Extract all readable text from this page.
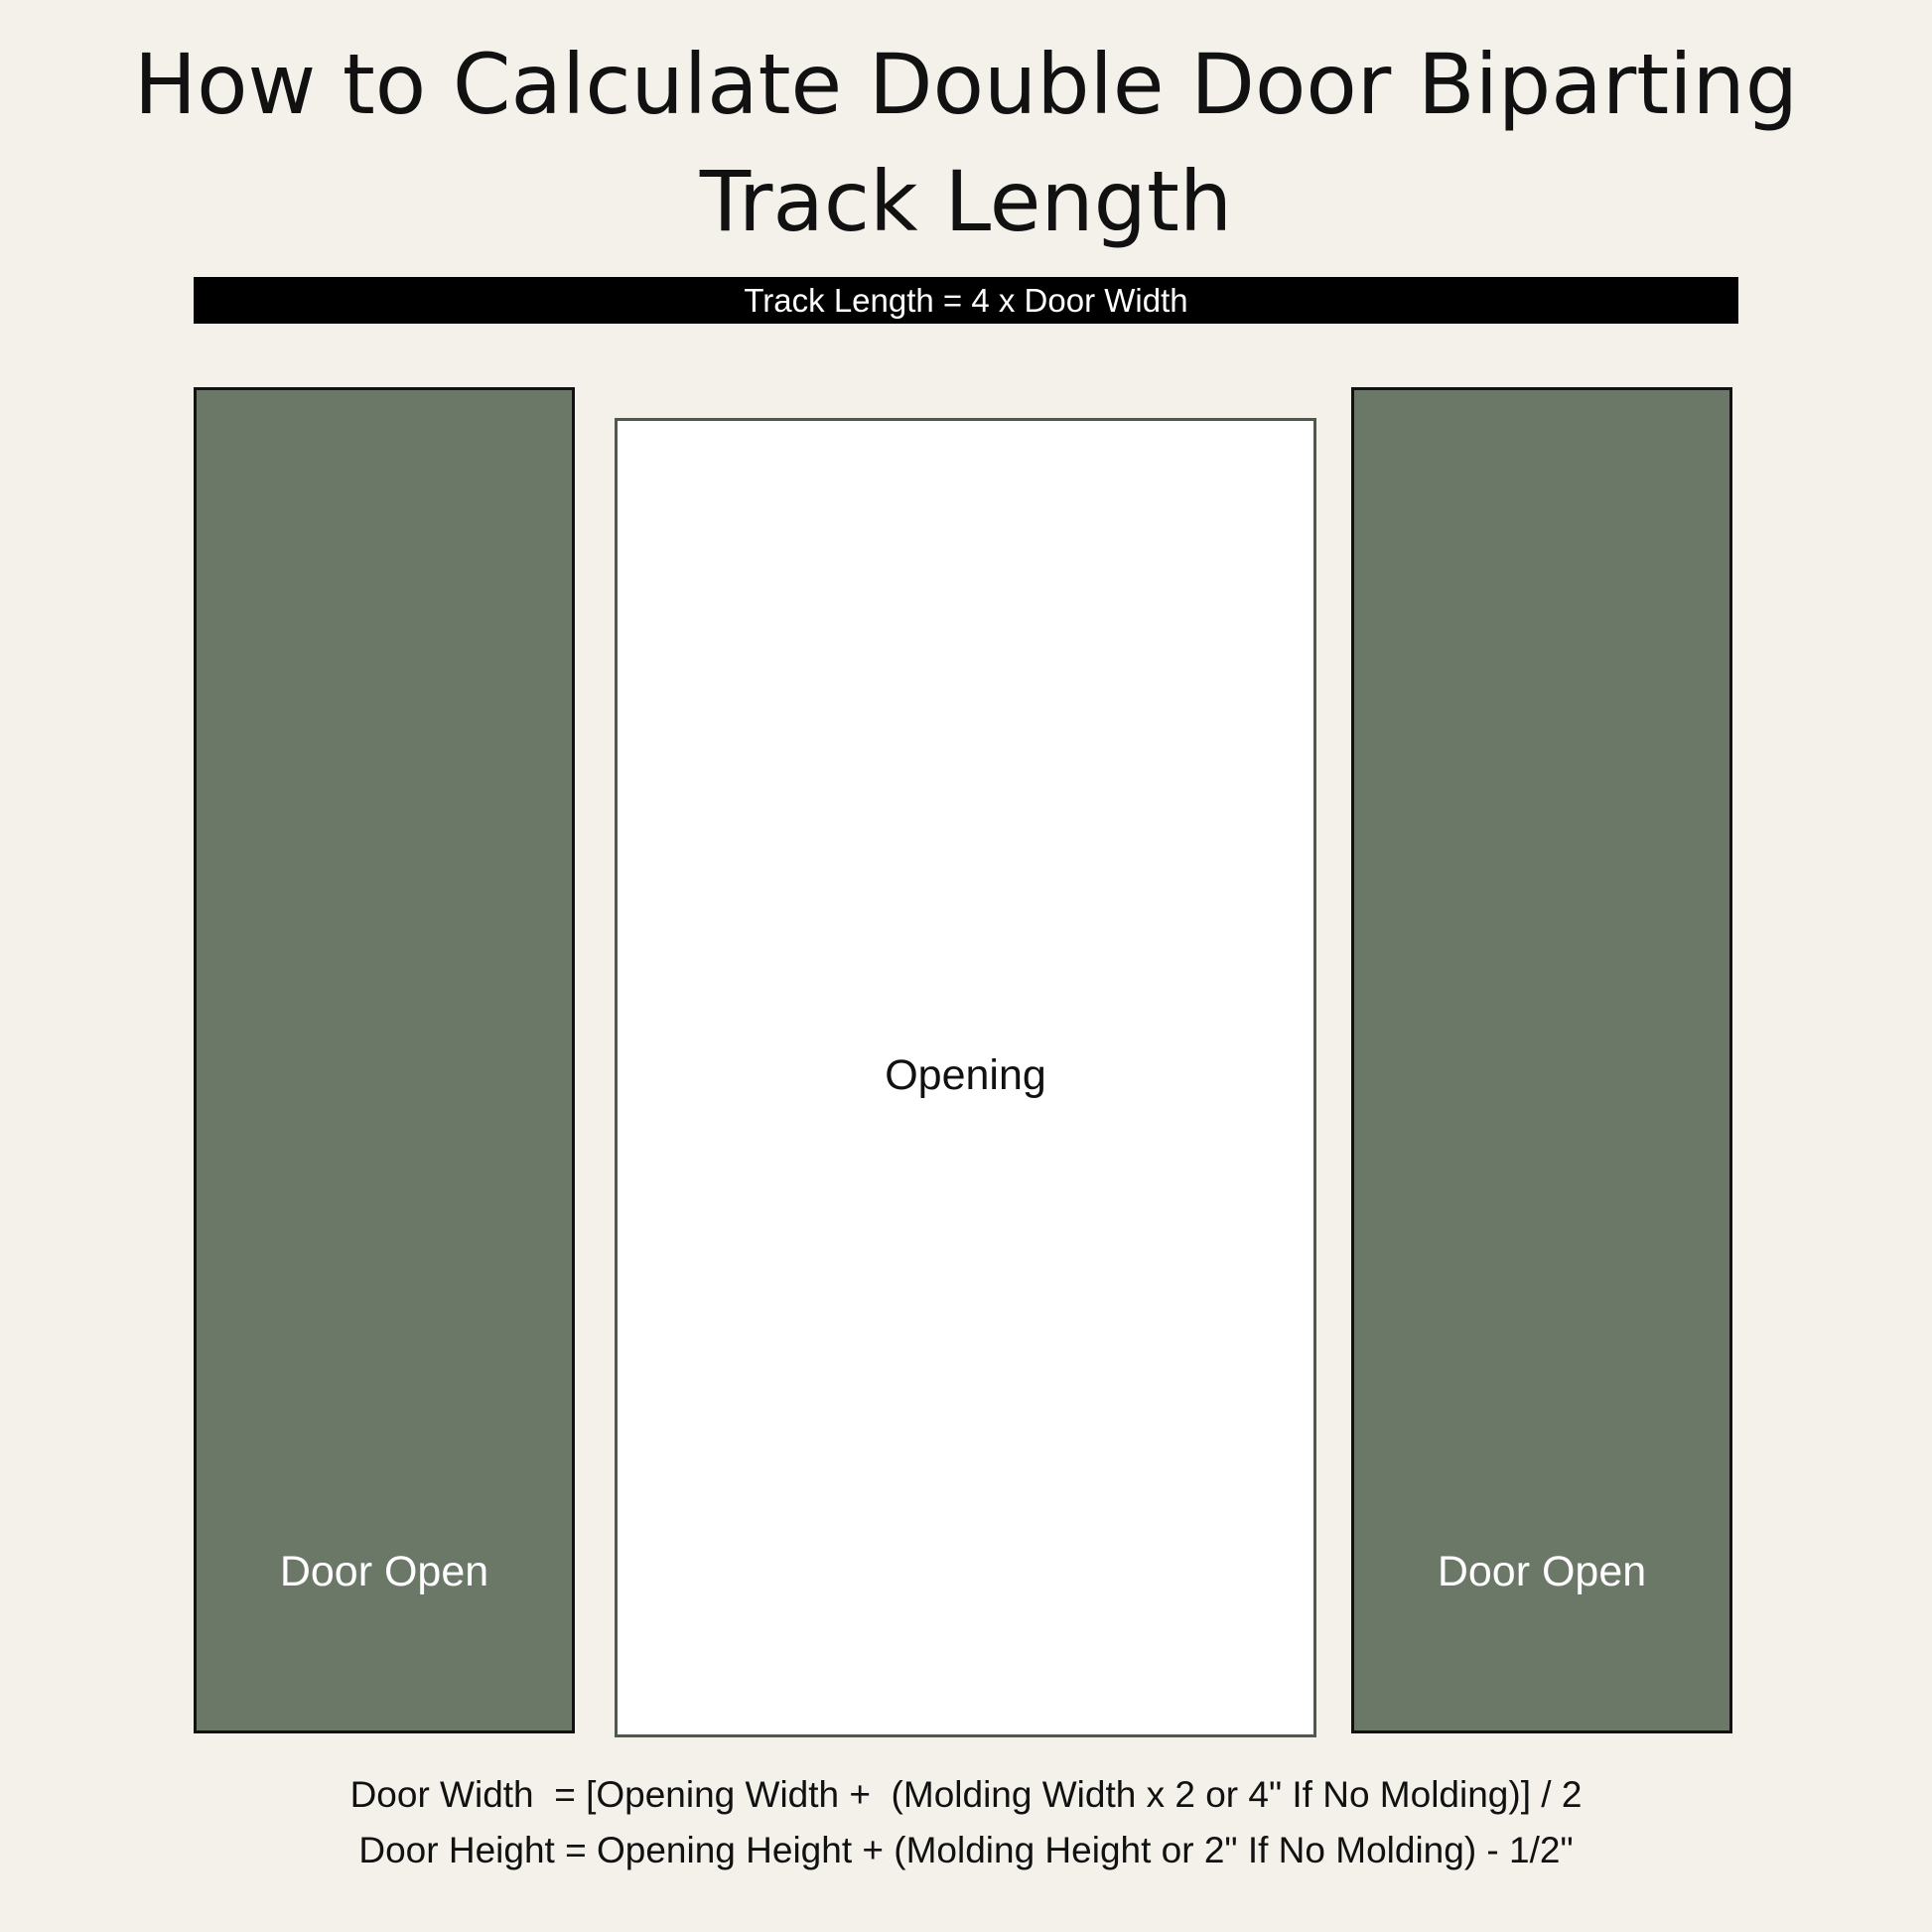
How to Calculate Double Door Biparting Track Length
Track Length = 4 x Door Width
Door Open
Opening
Door Open
Door Width  = [Opening Width +  (Molding Width x 2 or 4" If No Molding)] / 2
Door Height = Opening Height + (Molding Height or 2" If No Molding) - 1/2"
